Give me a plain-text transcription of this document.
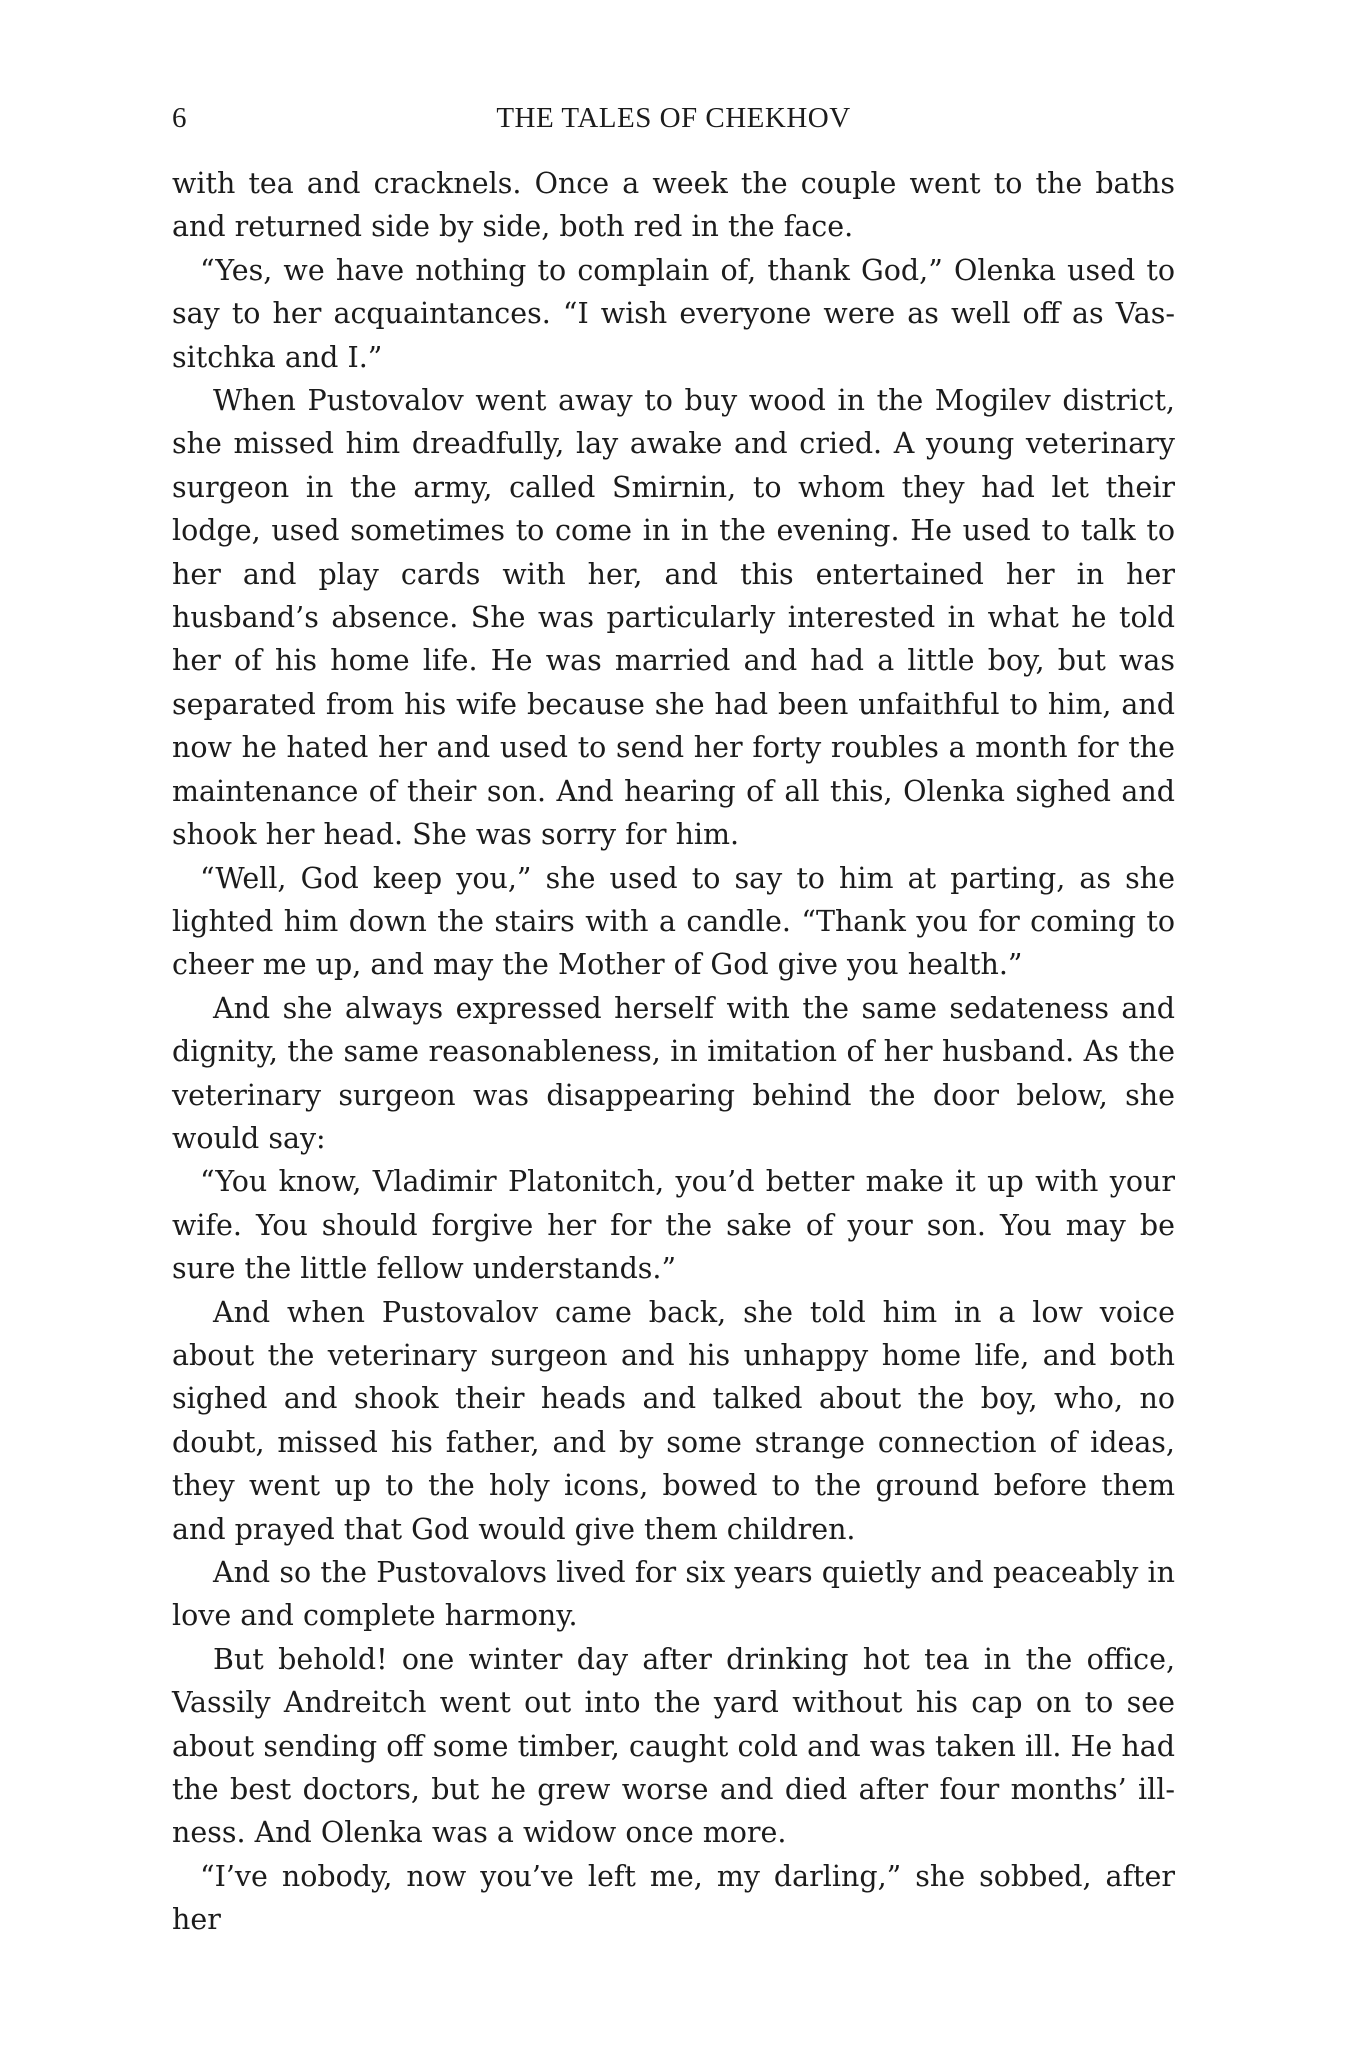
6	THE TALES OF CHEKHOV

with tea and cracknels. Once a week the couple went to the baths and returned side by side, both red in the face.

“Yes, we have nothing to complain of, thank God,” Olenka used to say to her acquaintances. “I wish everyone were as well off as Vassitchka and I.”

When Pustovalov went away to buy wood in the Mogilev district, she missed him dreadfully, lay awake and cried. A young veterinary surgeon in the army, called Smirnin, to whom they had let their lodge, used sometimes to come in in the evening. He used to talk to her and play cards with her, and this entertained her in her husband’s absence. She was particularly interested in what he told her of his home life. He was married and had a little boy, but was separated from his wife because she had been unfaithful to him, and now he hated her and used to send her forty roubles a month for the maintenance of their son. And hearing of all this, Olenka sighed and shook her head. She was sorry for him.

“Well, God keep you,” she used to say to him at parting, as she lighted him down the stairs with a candle. “Thank you for coming to cheer me up, and may the Mother of God give you health.”

And she always expressed herself with the same sedateness and dignity, the same reasonableness, in imitation of her husband. As the veterinary surgeon was disappearing behind the door below, she would say:

“You know, Vladimir Platonitch, you’d better make it up with your wife. You should forgive her for the sake of your son. You may be sure the little fellow understands.”

And when Pustovalov came back, she told him in a low voice about the veterinary surgeon and his unhappy home life, and both sighed and shook their heads and talked about the boy, who, no doubt, missed his father, and by some strange connection of ideas, they went up to the holy icons, bowed to the ground before them and prayed that God would give them children.

And so the Pustovalovs lived for six years quietly and peaceably in love and complete harmony.

But behold! one winter day after drinking hot tea in the office, Vassily Andreitch went out into the yard without his cap on to see about sending off some timber, caught cold and was taken ill. He had the best doctors, but he grew worse and died after four months’ illness. And Olenka was a widow once more.

“I’ve nobody, now you’ve left me, my darling,” she sobbed, after her
